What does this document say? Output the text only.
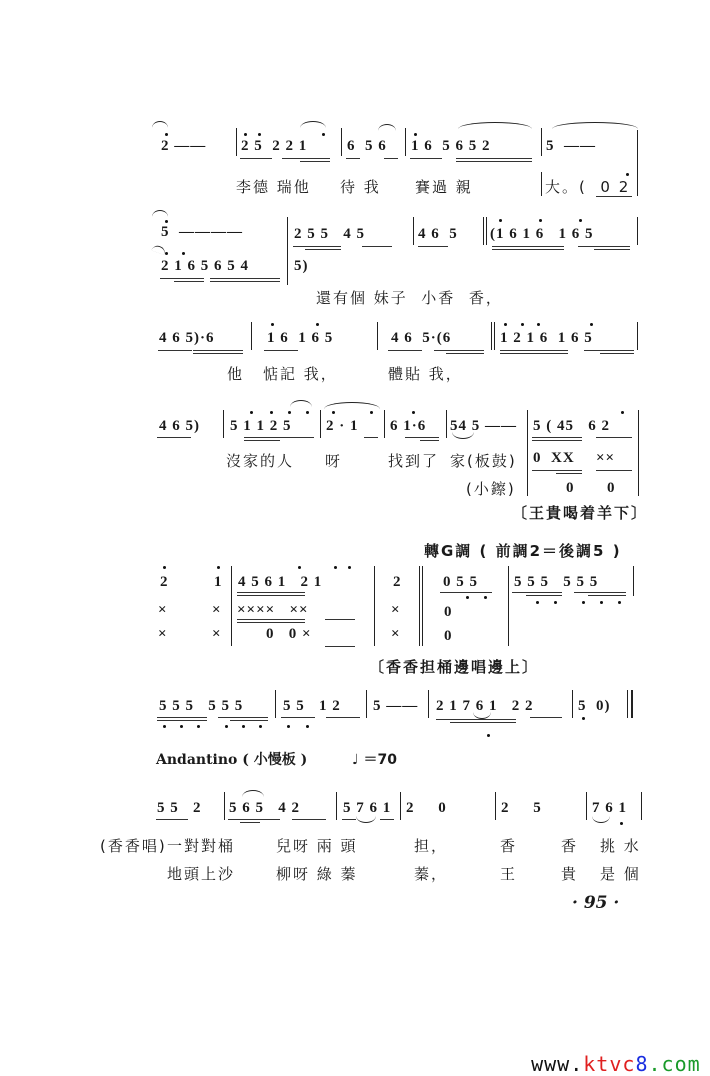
2 —— 2 5  2 2 1	6  5 6 1 6  5 6 5 2	5  ——
李德 瑞他 待 我 賽過 親	大。(  0 2
5  ————	2 5 5   4 5	4 6  5 (1 6 1 6   1 6 5
2 1 6 5 6 5 4	5)
還有個 妹子  小香  香，
4 6 5)·6	1 6  1 6 5	4 6  5·(6	1 2 1 6  1 6 5
他 惦記 我，	體貼 我，
4 6 5) 5 1 1 2 5 2 · 1 6 1·6 54 5 —— 5 ( 45   6 2
沒家的人 呀	找到了 家(板鼓) 0  XX ××
(小鑔)	0 0
〔王貴喝着羊下〕
轉G調 ( 前調2＝後調5 )
2	1 4 5 6 1   2 1	2	0 5 5 5 5 5   5 5 5
×	× ××××   ××	×	0
×	×	0   0 ×	×	0
〔香香担桶邊唱邊上〕
5 5 5   5 5 5	5 5   1 2 5 —— 2 1 7 6 1   2 2	5  0)
Andantino ( 小慢板 )	♩ ＝70
5 5   2 5 6 5   4 2	5 7 6 1 2     0	2     5	7 6 1
(香香唱) 一對對桶	兒呀 兩 頭	担，	香	香 挑 水
地頭上沙	柳呀 綠 蓁	蓁，	王	貴 是 個
· 95 ·

www.ktvc8.com
